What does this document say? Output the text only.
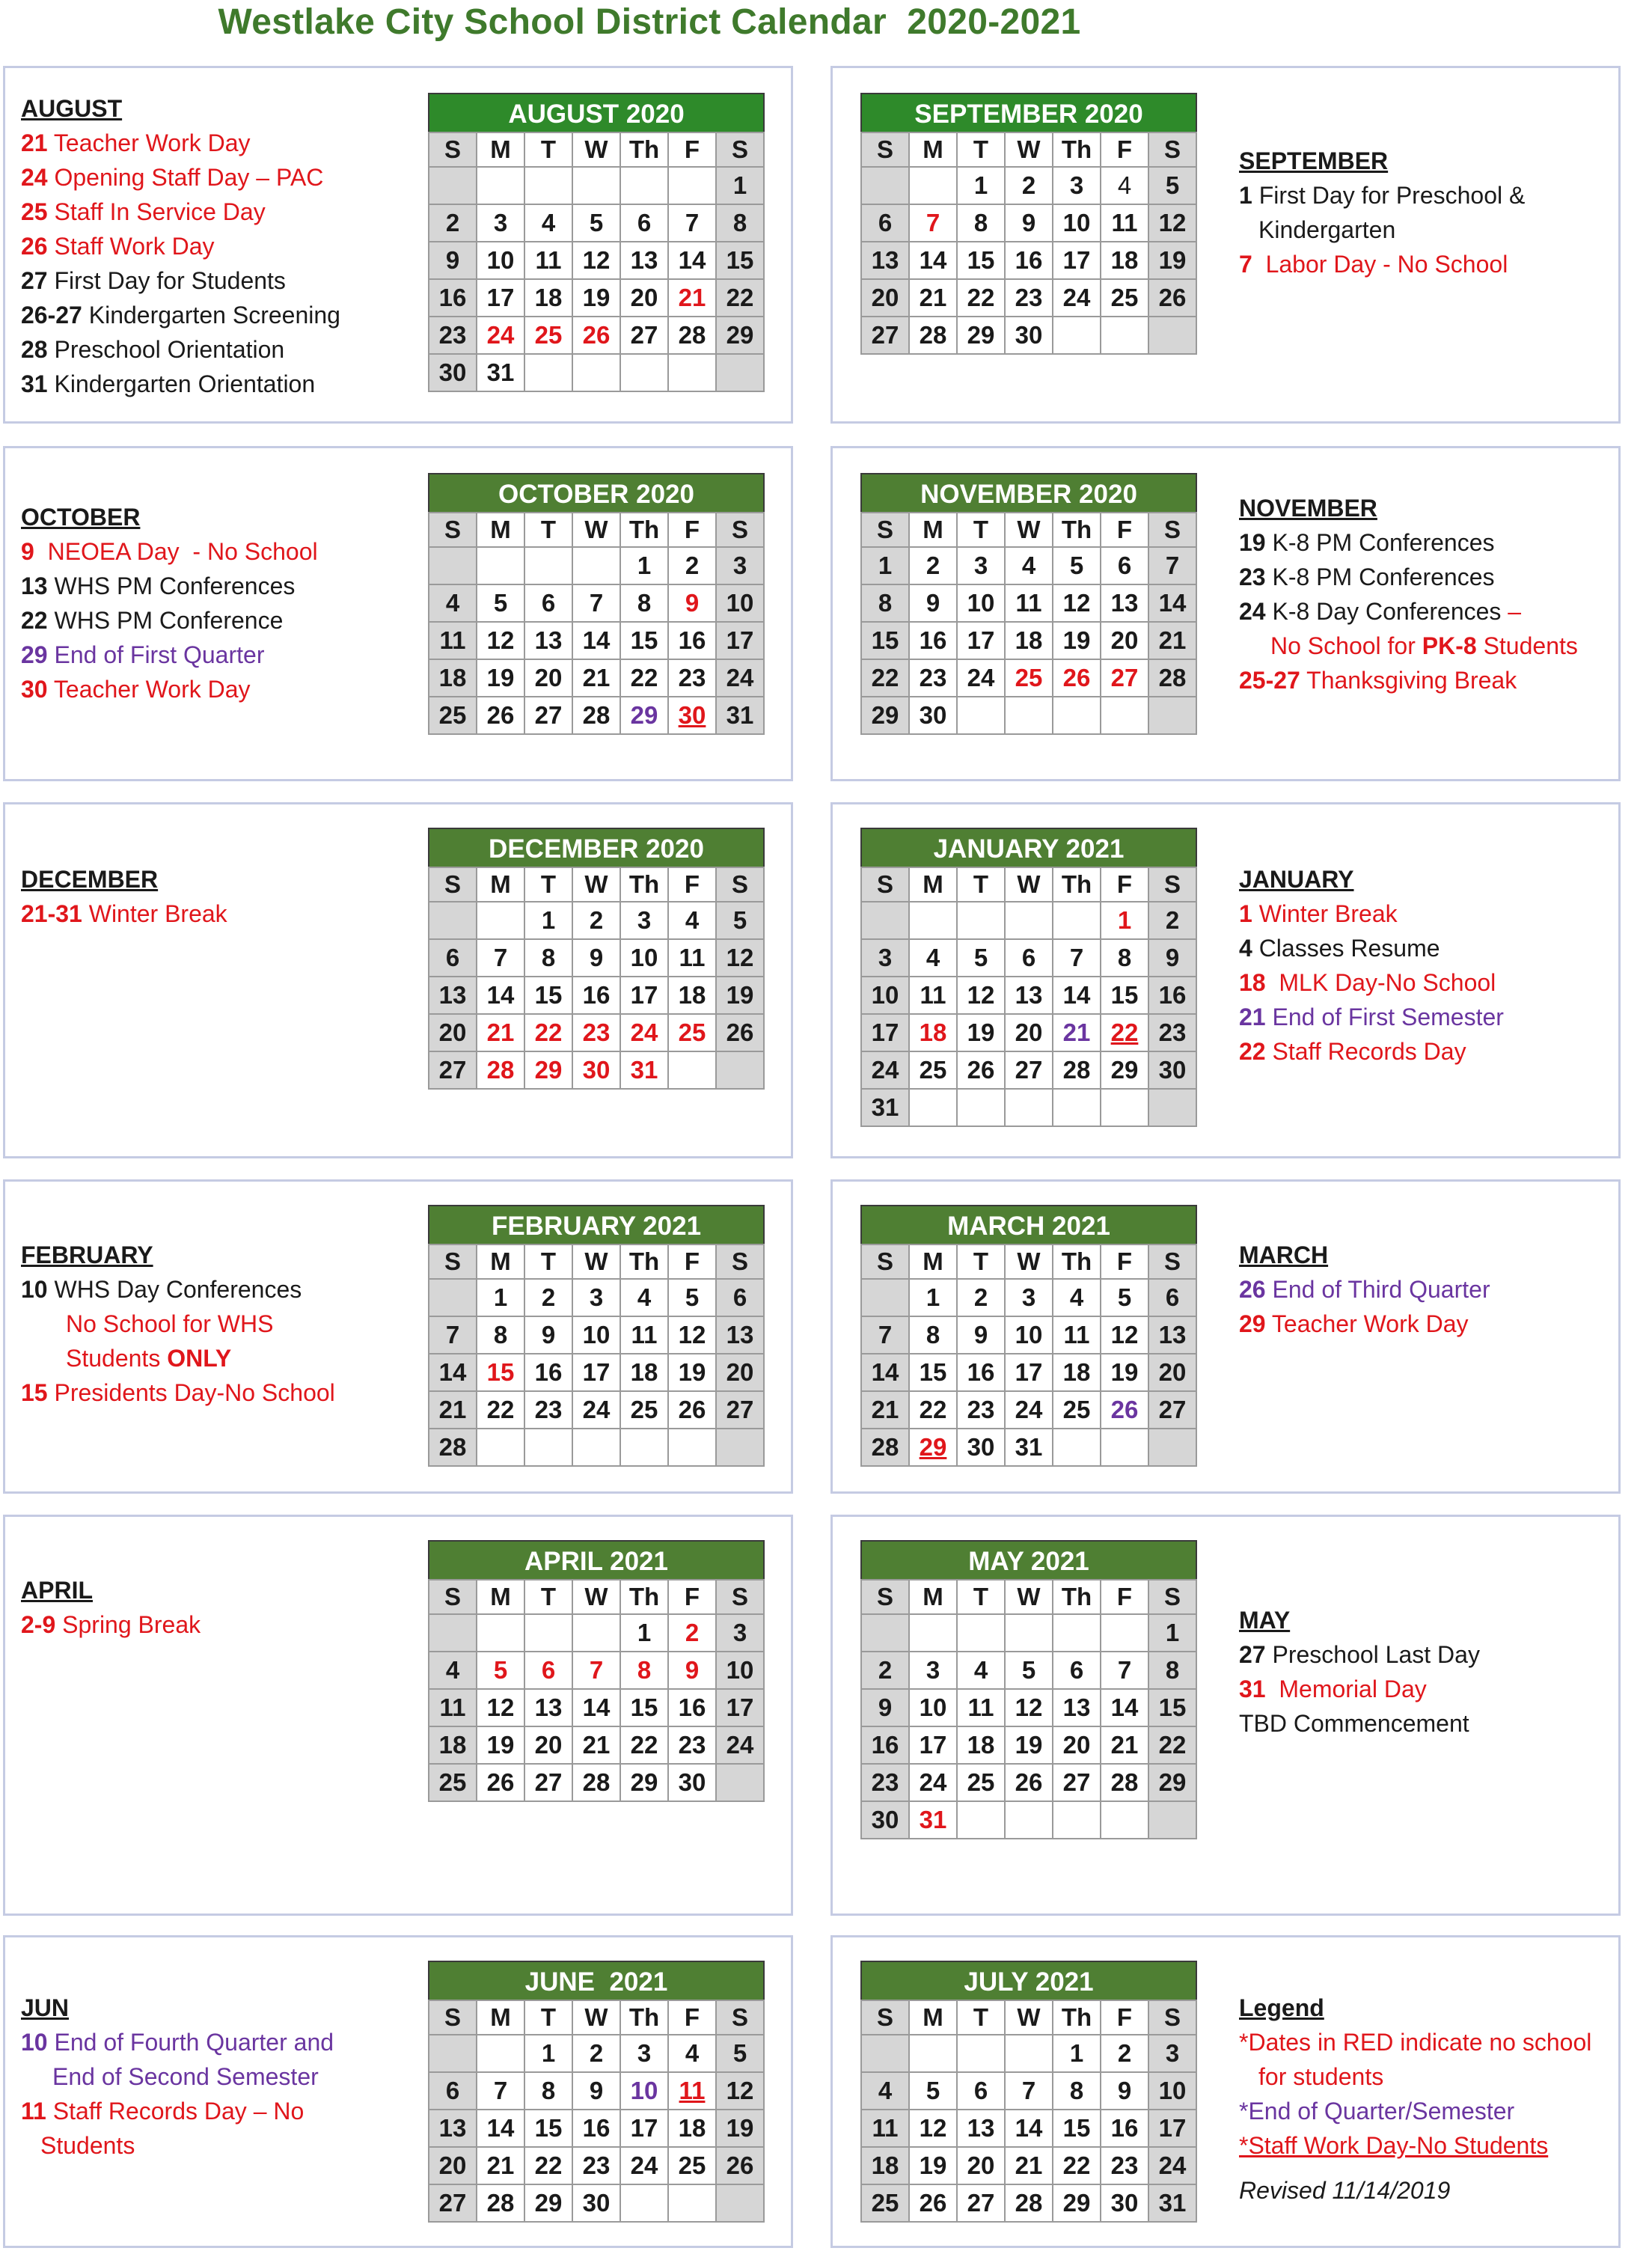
Westlake City School District Calendar  2020-2021
AUGUST 2020
S	M	T	W	Th	F	S
						1
2	3	4	5	6	7	8
9	10	11	12	13	14	15
16	17	18	19	20	21	22
23	24	25	26	27	28	29
30	31					
SEPTEMBER 2020
S	M	T	W	Th	F	S
		1	2	3	4	5
6	7	8	9	10	11	12
13	14	15	16	17	18	19
20	21	22	23	24	25	26
27	28	29	30			
OCTOBER 2020
S	M	T	W	Th	F	S
				1	2	3
4	5	6	7	8	9	10
11	12	13	14	15	16	17
18	19	20	21	22	23	24
25	26	27	28	29	30	31
NOVEMBER 2020
S	M	T	W	Th	F	S
1	2	3	4	5	6	7
8	9	10	11	12	13	14
15	16	17	18	19	20	21
22	23	24	25	26	27	28
29	30					
DECEMBER 2020
S	M	T	W	Th	F	S
		1	2	3	4	5
6	7	8	9	10	11	12
13	14	15	16	17	18	19
20	21	22	23	24	25	26
27	28	29	30	31		
JANUARY 2021
S	M	T	W	Th	F	S
					1	2
3	4	5	6	7	8	9
10	11	12	13	14	15	16
17	18	19	20	21	22	23
24	25	26	27	28	29	30
31						
FEBRUARY 2021
S	M	T	W	Th	F	S
	1	2	3	4	5	6
7	8	9	10	11	12	13
14	15	16	17	18	19	20
21	22	23	24	25	26	27
28						
MARCH 2021
S	M	T	W	Th	F	S
	1	2	3	4	5	6
7	8	9	10	11	12	13
14	15	16	17	18	19	20
21	22	23	24	25	26	27
28	29	30	31			
APRIL 2021
S	M	T	W	Th	F	S
				1	2	3
4	5	6	7	8	9	10
11	12	13	14	15	16	17
18	19	20	21	22	23	24
25	26	27	28	29	30	
MAY 2021
S	M	T	W	Th	F	S
						1
2	3	4	5	6	7	8
9	10	11	12	13	14	15
16	17	18	19	20	21	22
23	24	25	26	27	28	29
30	31					
JUNE  2021
S	M	T	W	Th	F	S
		1	2	3	4	5
6	7	8	9	10	11	12
13	14	15	16	17	18	19
20	21	22	23	24	25	26
27	28	29	30			
JULY 2021
S	M	T	W	Th	F	S
				1	2	3
4	5	6	7	8	9	10
11	12	13	14	15	16	17
18	19	20	21	22	23	24
25	26	27	28	29	30	31
AUGUST
21 Teacher Work Day
24 Opening Staff Day – PAC
25 Staff In Service Day
26 Staff Work Day
27 First Day for Students
26-27 Kindergarten Screening
28 Preschool Orientation
31 Kindergarten Orientation
SEPTEMBER
1 First Day for Preschool &
Kindergarten
7  Labor Day - No School
OCTOBER
9  NEOEA Day  - No School
13 WHS PM Conferences
22 WHS PM Conference
29 End of First Quarter
30 Teacher Work Day
NOVEMBER
19 K-8 PM Conferences
23 K-8 PM Conferences
24 K-8 Day Conferences –
No School for PK-8 Students
25-27 Thanksgiving Break
DECEMBER
21-31 Winter Break
JANUARY
1 Winter Break
4 Classes Resume
18  MLK Day-No School
21 End of First Semester
22 Staff Records Day
FEBRUARY
10 WHS Day Conferences
No School for WHS
Students ONLY
15 Presidents Day-No School
MARCH
26 End of Third Quarter
29 Teacher Work Day
APRIL
2-9 Spring Break	MAY
27 Preschool Last Day
31  Memorial Day
TBD Commencement
JUN
10 End of Fourth Quarter and
End of Second Semester
11 Staff Records Day – No
Students
Legend
*Dates in RED indicate no school
for students
*End of Quarter/Semester
*Staff Work Day-No Students
Revised 11/14/2019
